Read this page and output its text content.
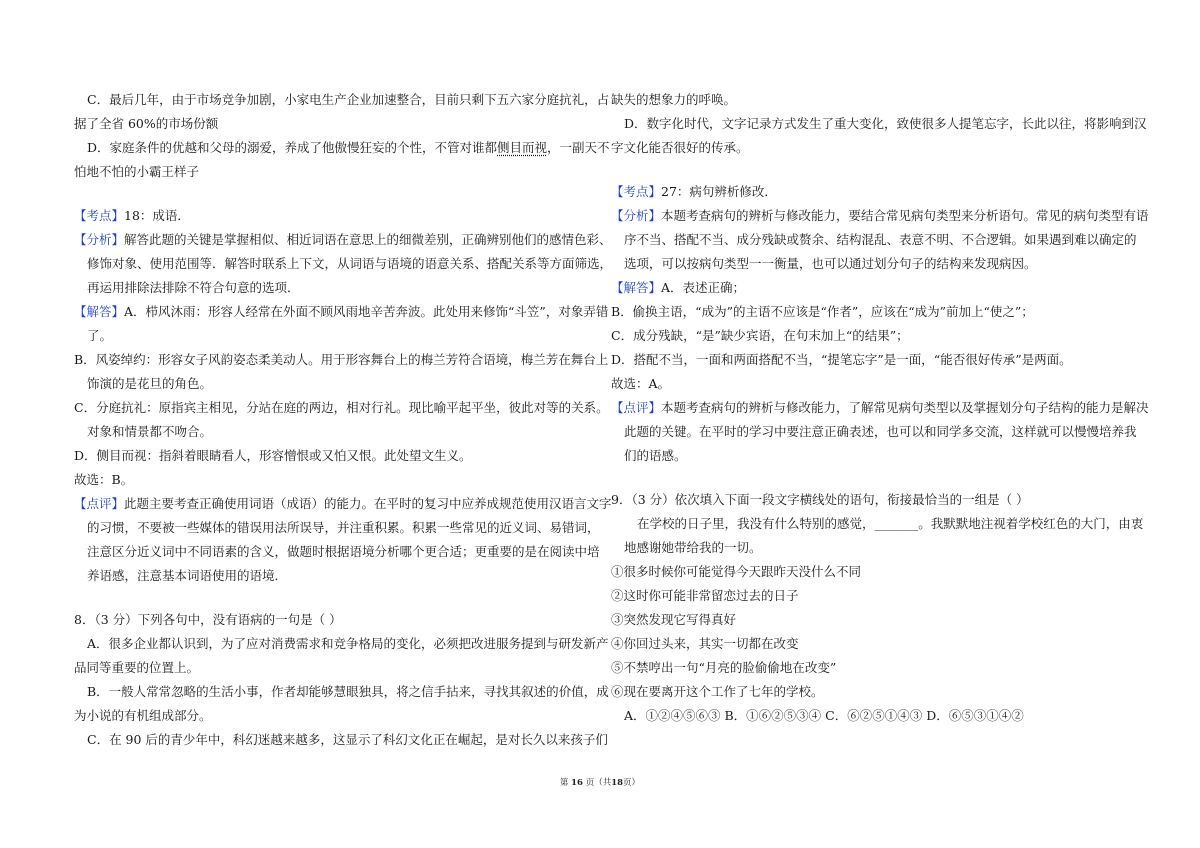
C．最后几年，由于市场竞争加剧，小家电生产企业加速整合，目前只剩下五六家分庭抗礼，占
据了全省 60%的市场份额
D．家庭条件的优越和父母的溺爱，养成了他傲慢狂妄的个性，不管对谁都侧目而视，一副天不
怕地不怕的小霸王样子
【考点】18：成语．
【分析】解答此题的关键是掌握相似、相近词语在意思上的细微差别，正确辨别他们的感情色彩、
修饰对象、使用范围等．解答时联系上下文，从词语与语境的语意关系、搭配关系等方面筛选，
再运用排除法排除不符合句意的选项．
【解答】A．栉风沐雨：形容人经常在外面不顾风雨地辛苦奔波。此处用来修饰“斗笠”，对象弄错
了。
B．风姿绰约：形容女子风韵姿态柔美动人。用于形容舞台上的梅兰芳符合语境，梅兰芳在舞台上
饰演的是花旦的角色。
C．分庭抗礼：原指宾主相见，分站在庭的两边，相对行礼。现比喻平起平坐，彼此对等的关系。
对象和情景都不吻合。
D．侧目而视：指斜着眼睛看人，形容憎恨或又怕又恨。此处望文生义。
故选：B。
【点评】此题主要考查正确使用词语（成语）的能力。在平时的复习中应养成规范使用汉语言文字
的习惯，不要被一些媒体的错误用法所误导，并注重积累。积累一些常见的近义词、易错词，
注意区分近义词中不同语素的含义，做题时根据语境分析哪个更合适；更重要的是在阅读中培
养语感，注意基本词语使用的语境．
8．（3 分）下列各句中，没有语病的一句是（ ）
A．很多企业都认识到，为了应对消费需求和竞争格局的变化，必须把改进服务提到与研发新产
品同等重要的位置上。
B．一般人常常忽略的生活小事，作者却能够慧眼独具，将之信手拈来，寻找其叙述的价值，成
为小说的有机组成部分。
C．在 90 后的青少年中，科幻迷越来越多，这显示了科幻文化正在崛起，是对长久以来孩子们
缺失的想象力的呼唤。
D．数字化时代，文字记录方式发生了重大变化，致使很多人提笔忘字，长此以往，将影响到汉
字文化能否很好的传承。
【考点】27：病句辨析修改．
【分析】本题考查病句的辨析与修改能力，要结合常见病句类型来分析语句。常见的病句类型有语
序不当、搭配不当、成分残缺或赘余、结构混乱、表意不明、不合逻辑。如果遇到难以确定的
选项，可以按病句类型一一衡量，也可以通过划分句子的结构来发现病因。
【解答】A．表述正确；
B．偷换主语，“成为”的主语不应该是“作者”，应该在“成为”前加上“使之”；
C．成分残缺，“是”缺少宾语，在句末加上“的结果”；
D．搭配不当，一面和两面搭配不当，“提笔忘字”是一面，“能否很好传承”是两面。
故选：A。
【点评】本题考查病句的辨析与修改能力，了解常见病句类型以及掌握划分句子结构的能力是解决
此题的关键。在平时的学习中要注意正确表述，也可以和同学多交流，这样就可以慢慢培养我
们的语感。
9．（3 分）依次填入下面一段文字横线处的语句，衔接最恰当的一组是（ ）
在学校的日子里，我没有什么特别的感觉，_______。我默默地注视着学校红色的大门，由衷
地感谢她带给我的一切。
①很多时候你可能觉得今天跟昨天没什么不同
②这时你可能非常留恋过去的日子
③突然发现它写得真好
④你回过头来，其实一切都在改变
⑤不禁哼出一句“月亮的脸偷偷地在改变”
⑥现在要离开这个工作了七年的学校。
A．①②④⑤⑥③ B．①⑥②⑤③④ C．⑥②⑤①④③ D．⑥⑤③①④②
第 16 页（共18页）
